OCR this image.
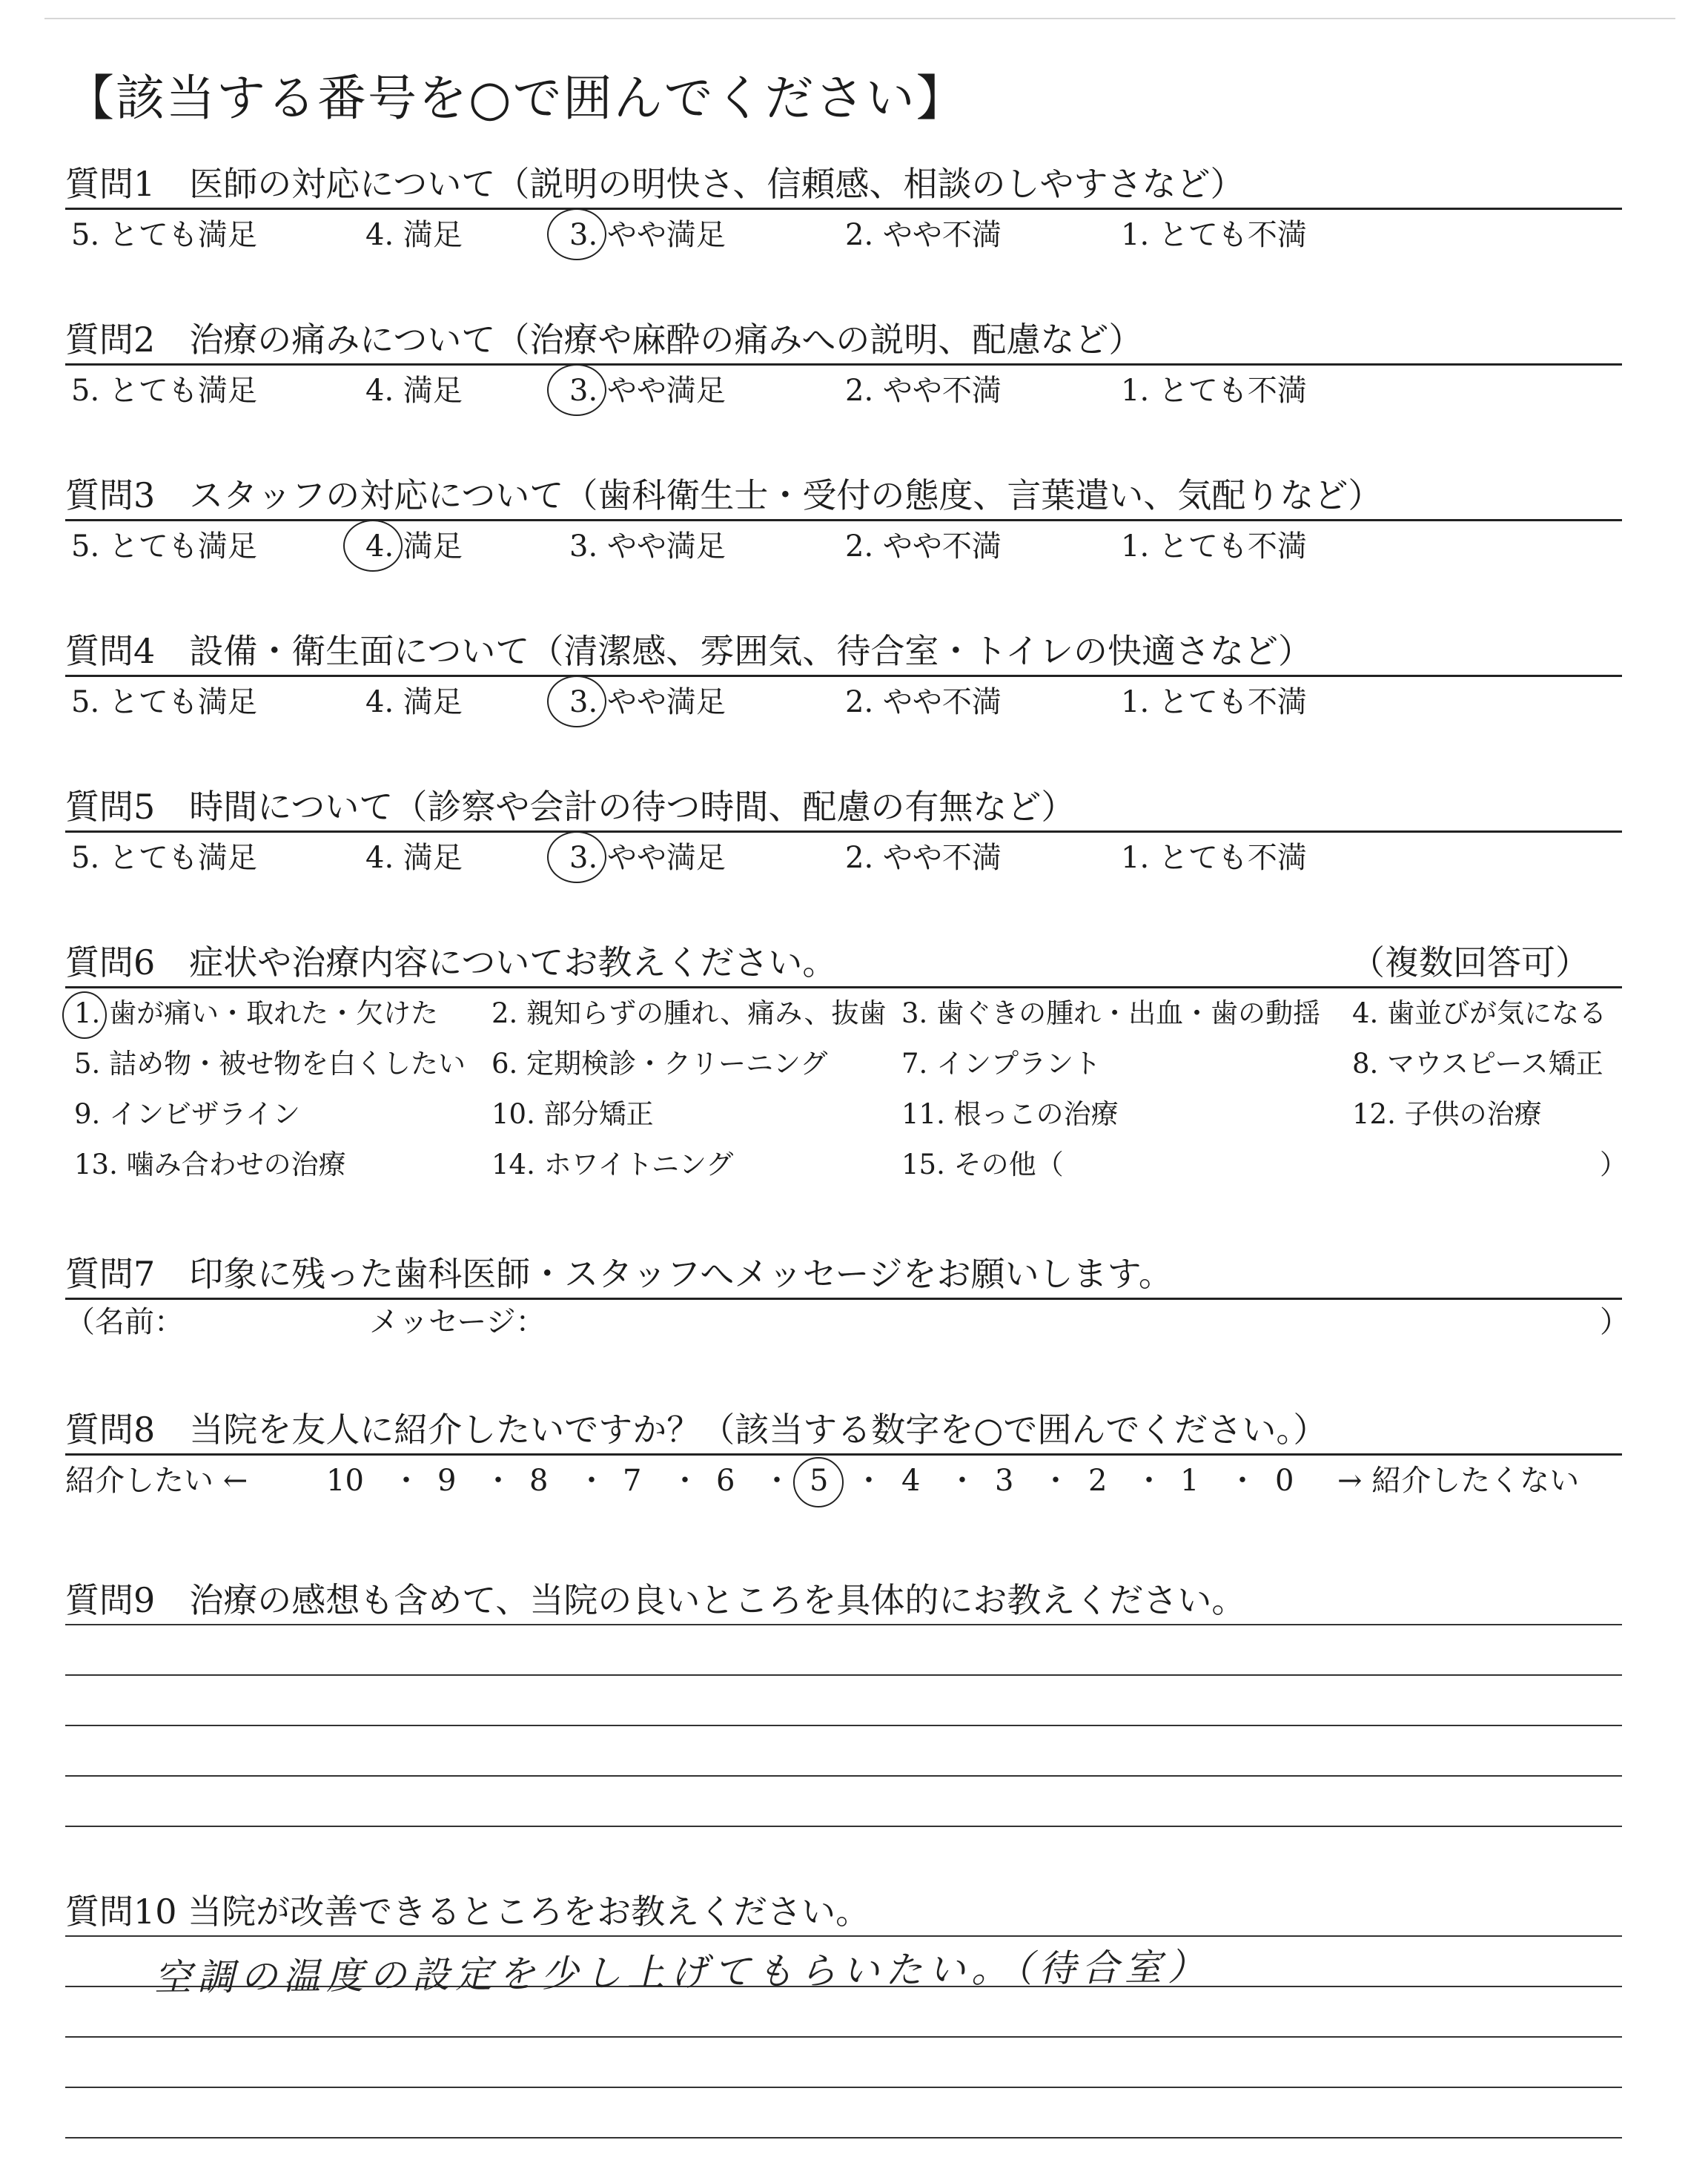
【該当する番号を○で囲んでください】
質問1　医師の対応について（説明の明快さ、信頼感、相談のしやすさなど）
5. とても満足	4. 満足	3. やや満足	2. やや不満	1. とても不満
質問2　治療の痛みについて（治療や麻酔の痛みへの説明、配慮など）
5. とても満足	4. 満足	3. やや満足	2. やや不満	1. とても不満
質問3　スタッフの対応について（歯科衛生士・受付の態度、言葉遣い、気配りなど）
5. とても満足	4. 満足	3. やや満足	2. やや不満	1. とても不満
質問4　設備・衛生面について（清潔感、雰囲気、待合室・トイレの快適さなど）
5. とても満足	4. 満足	3. やや満足	2. やや不満	1. とても不満
質問5　時間について（診察や会計の待つ時間、配慮の有無など）
5. とても満足	4. 満足	3. やや満足	2. やや不満	1. とても不満
質問6　症状や治療内容についてお教えください。	（複数回答可）
1. 歯が痛い・取れた・欠けた 2. 親知らずの腫れ、痛み、抜歯 3. 歯ぐきの腫れ・出血・歯の動揺 4. 歯並びが気になる
5. 詰め物・被せ物を白くしたい 6. 定期検診・クリーニング	7. インプラント	8. マウスピース矯正
9. インビザライン	10. 部分矯正	11. 根っこの治療	12. 子供の治療
13. 噛み合わせの治療	14. ホワイトニング	15. その他（	）
質問7　印象に残った歯科医師・スタッフへメッセージをお願いします。
（名前：	メッセージ：	）
質問8　当院を友人に紹介したいですか？（該当する数字を○で囲んでください。）
紹介したい ←	10 ・ 9 ・ 8 ・ 7 ・ 6 ・ 5 ・ 4 ・ 3 ・ 2 ・ 1 ・ 0 → 紹介したくない
質問9　治療の感想も含めて、当院の良いところを具体的にお教えください。
質問10 当院が改善できるところをお教えください。
空調の温度の設定を少し上げてもらいたい。（待合室）
